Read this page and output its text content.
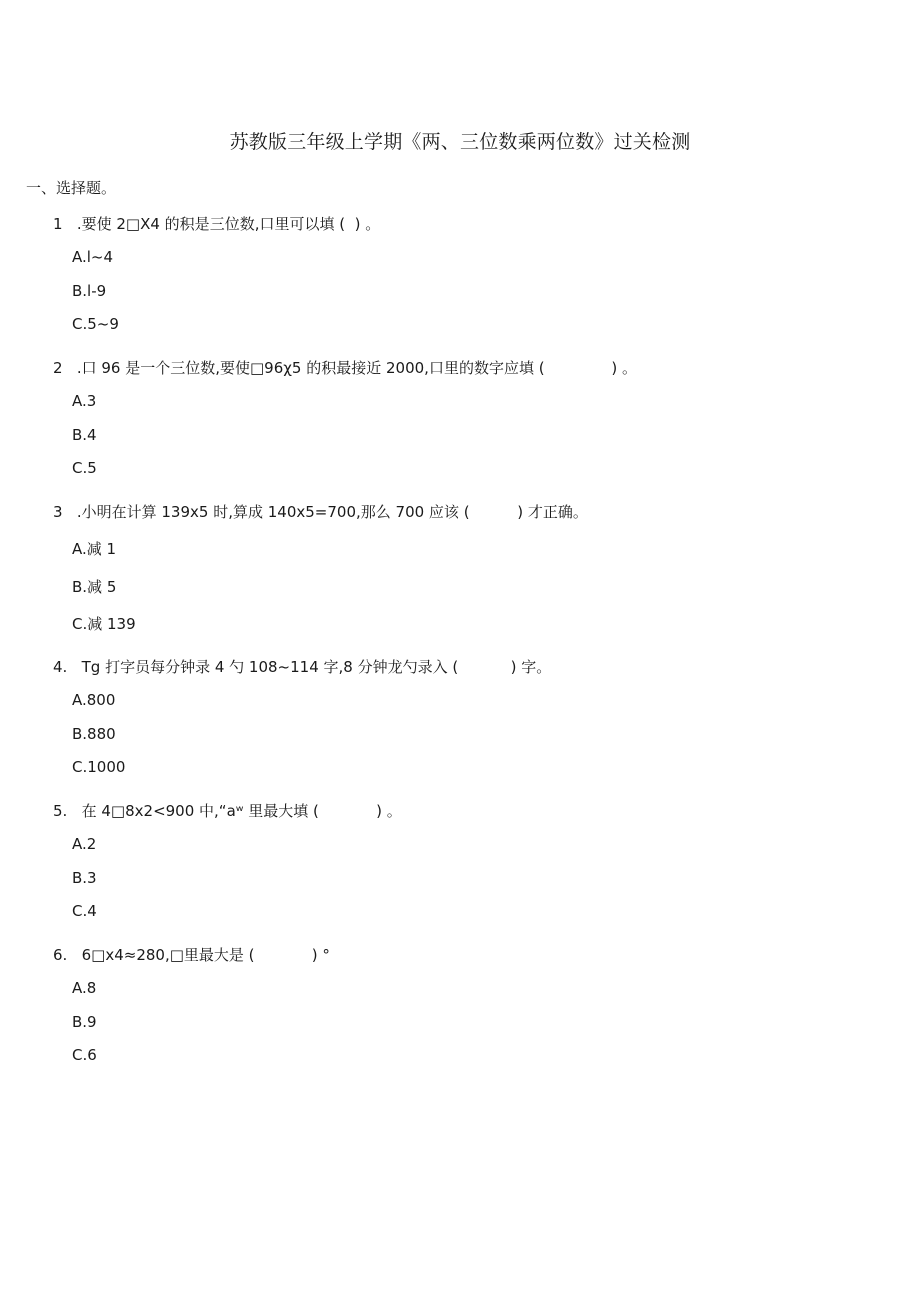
苏教版三年级上学期《两、三位数乘两位数》过关检测
一、选择题。
1   .要使 2□X4 的积是三位数,口里可以填 (  ) 。
A.l~4
B.l-9
C.5~9
2   .口 96 是一个三位数,要使□96χ5 的积最接近 2000,口里的数字应填 (              ) 。
A.3
B.4
C.5
3   .小明在计算 139x5 时,算成 140x5=700,那么 700 应该 (          ) 才正确。
A.减 1
B.减 5
C.减 139
4.   Tg 打字员每分钟录 4 勺 108~114 字,8 分钟龙勺录入 (           ) 字。
A.800
B.880
C.1000
5.   在 4□8x2<900 中,“aʷ 里最大填 (            ) 。
A.2
B.3
C.4
6.   6□x4≈280,□里最大是 (            ) °
A.8
B.9
C.6
